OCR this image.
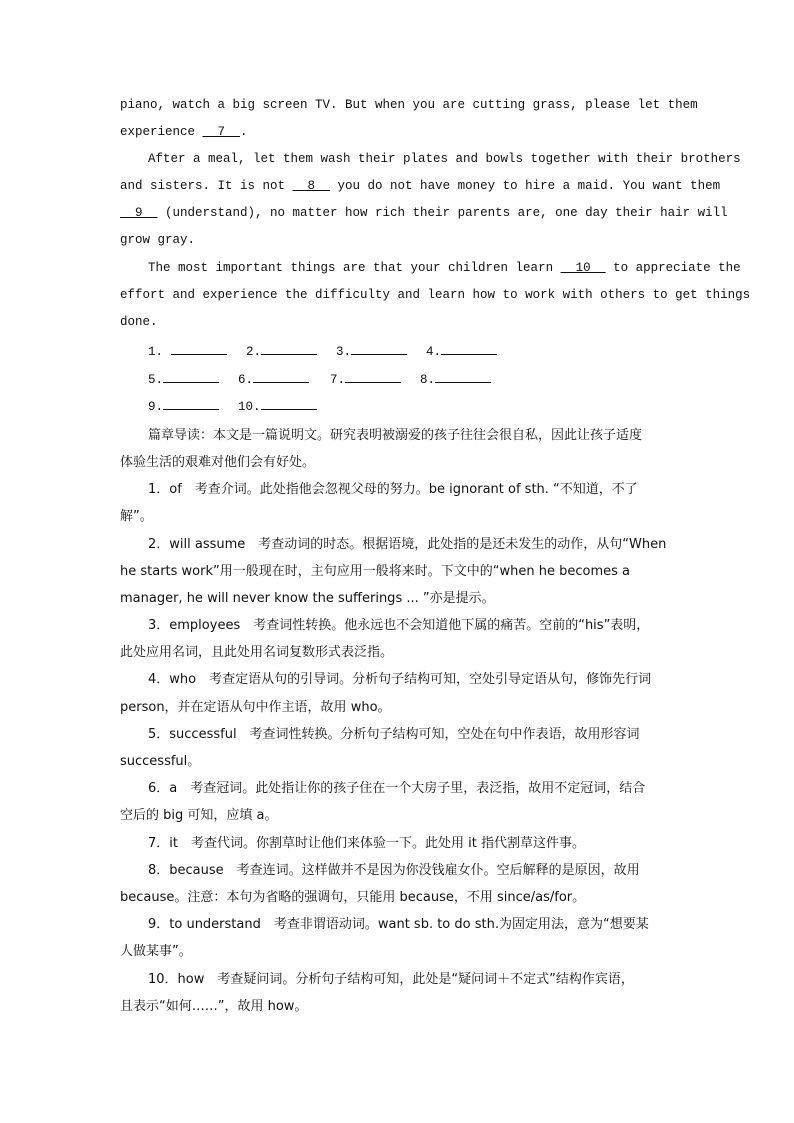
piano, watch a big screen TV. But when you are cutting grass, please let them
experience __7__.
After a meal, let them wash their plates and bowls together with their brothers
and sisters. It is not __8__ you do not have money to hire a maid. You want them
__9__ (understand), no matter how rich their parents are, one day their hair will
grow gray.
The most important things are that your children learn __10__ to appreciate the
effort and experience the difficulty and learn how to work with others to get things
done.
1.	2.	3.	4.
5.	6.	7.	8.
9.	10.
篇章导读：本文是一篇说明文。研究表明被溺爱的孩子往往会很自私，因此让孩子适度
体验生活的艰难对他们会有好处。
1．of　考查介词。此处指他会忽视父母的努力。be ignorant of sth. “不知道，不了
解”。
2．will assume　考查动词的时态。根据语境，此处指的是还未发生的动作，从句“When
he starts work”用一般现在时，主句应用一般将来时。下文中的“when he becomes a
manager, he will never know the sufferings ... ”亦是提示。
3．employees　考查词性转换。他永远也不会知道他下属的痛苦。空前的“his”表明，
此处应用名词，且此处用名词复数形式表泛指。
4．who　考查定语从句的引导词。分析句子结构可知，空处引导定语从句，修饰先行词
person，并在定语从句中作主语，故用 who。
5．successful　考查词性转换。分析句子结构可知，空处在句中作表语，故用形容词
successful。
6．a　考查冠词。此处指让你的孩子住在一个大房子里，表泛指，故用不定冠词，结合
空后的 big 可知，应填 a。
7．it　考查代词。你割草时让他们来体验一下。此处用 it 指代割草这件事。
8．because　考查连词。这样做并不是因为你没钱雇女仆。空后解释的是原因，故用
because。注意：本句为省略的强调句，只能用 because，不用 since/as/for。
9．to understand　考查非谓语动词。want sb. to do sth.为固定用法，意为“想要某
人做某事”。
10．how　考查疑问词。分析句子结构可知，此处是“疑问词＋不定式”结构作宾语，
且表示“如何……”，故用 how。
